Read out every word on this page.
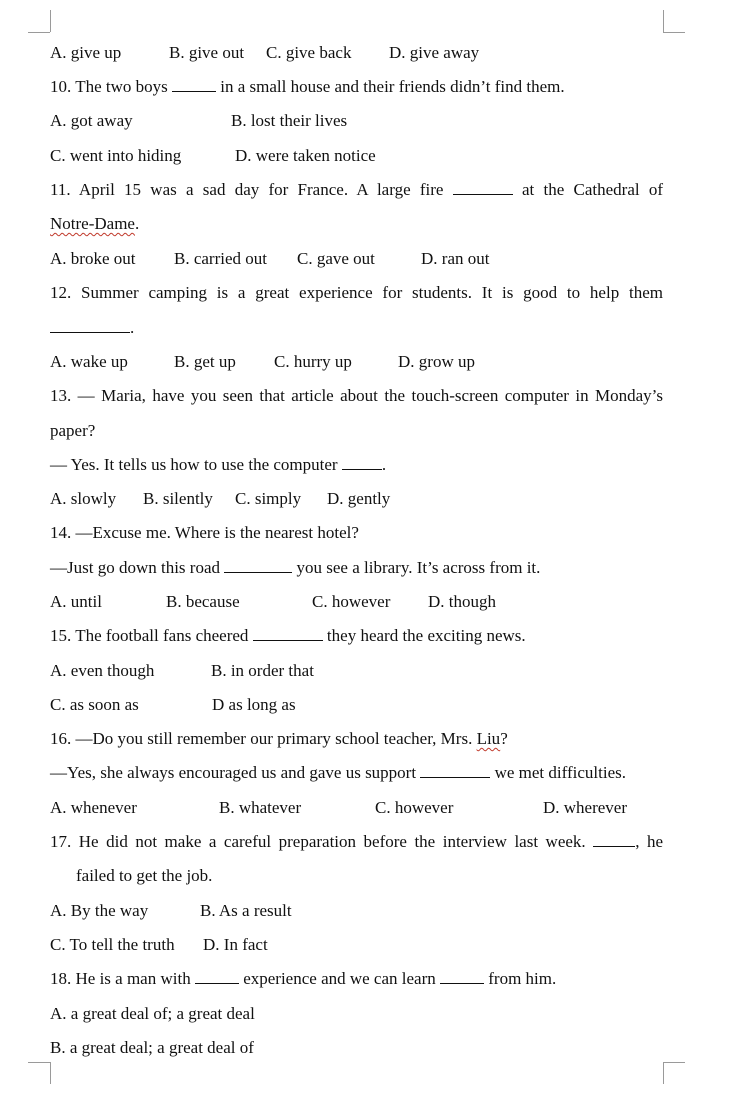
A. give up	B. give out C. give back D. give away
10. The two boys	in a small house and their friends didn’t find them.
A. got away	B. lost their lives
C. went into hiding	D. were taken notice
11. April 15 was a sad day for France. A large fire	at the Cathedral of
Notre-Dame.
A. broke out B. carried out C. gave out	D. ran out
12. Summer camping is a great experience for students. It is good to help them
.
A. wake up	B. get up C. hurry up	D. grow up
13. — Maria, have you seen that article about the touch-screen computer in Monday’s
paper?
— Yes. It tells us how to use the computer	.
A. slowly B. silently C. simply D. gently
14. —Excuse me. Where is the nearest hotel?
—Just go down this road	you see a library. It’s across from it.
A. until	B. because	C. however D. though
15. The football fans cheered	they heard the exciting news.
A. even though	B. in order that
C. as soon as	D as long as
16. —Do you still remember our primary school teacher, Mrs. Liu?
—Yes, she always encouraged us and gave us support	we met difficulties.
A. whenever	B. whatever	C. however	D. wherever
17. He did not make a careful preparation before the interview last week.	, he
failed to get the job.
A. By the way	B. As a result
C. To tell the truth D. In fact
18. He is a man with	experience and we can learn	from him.
A. a great deal of; a great deal
B. a great deal; a great deal of
